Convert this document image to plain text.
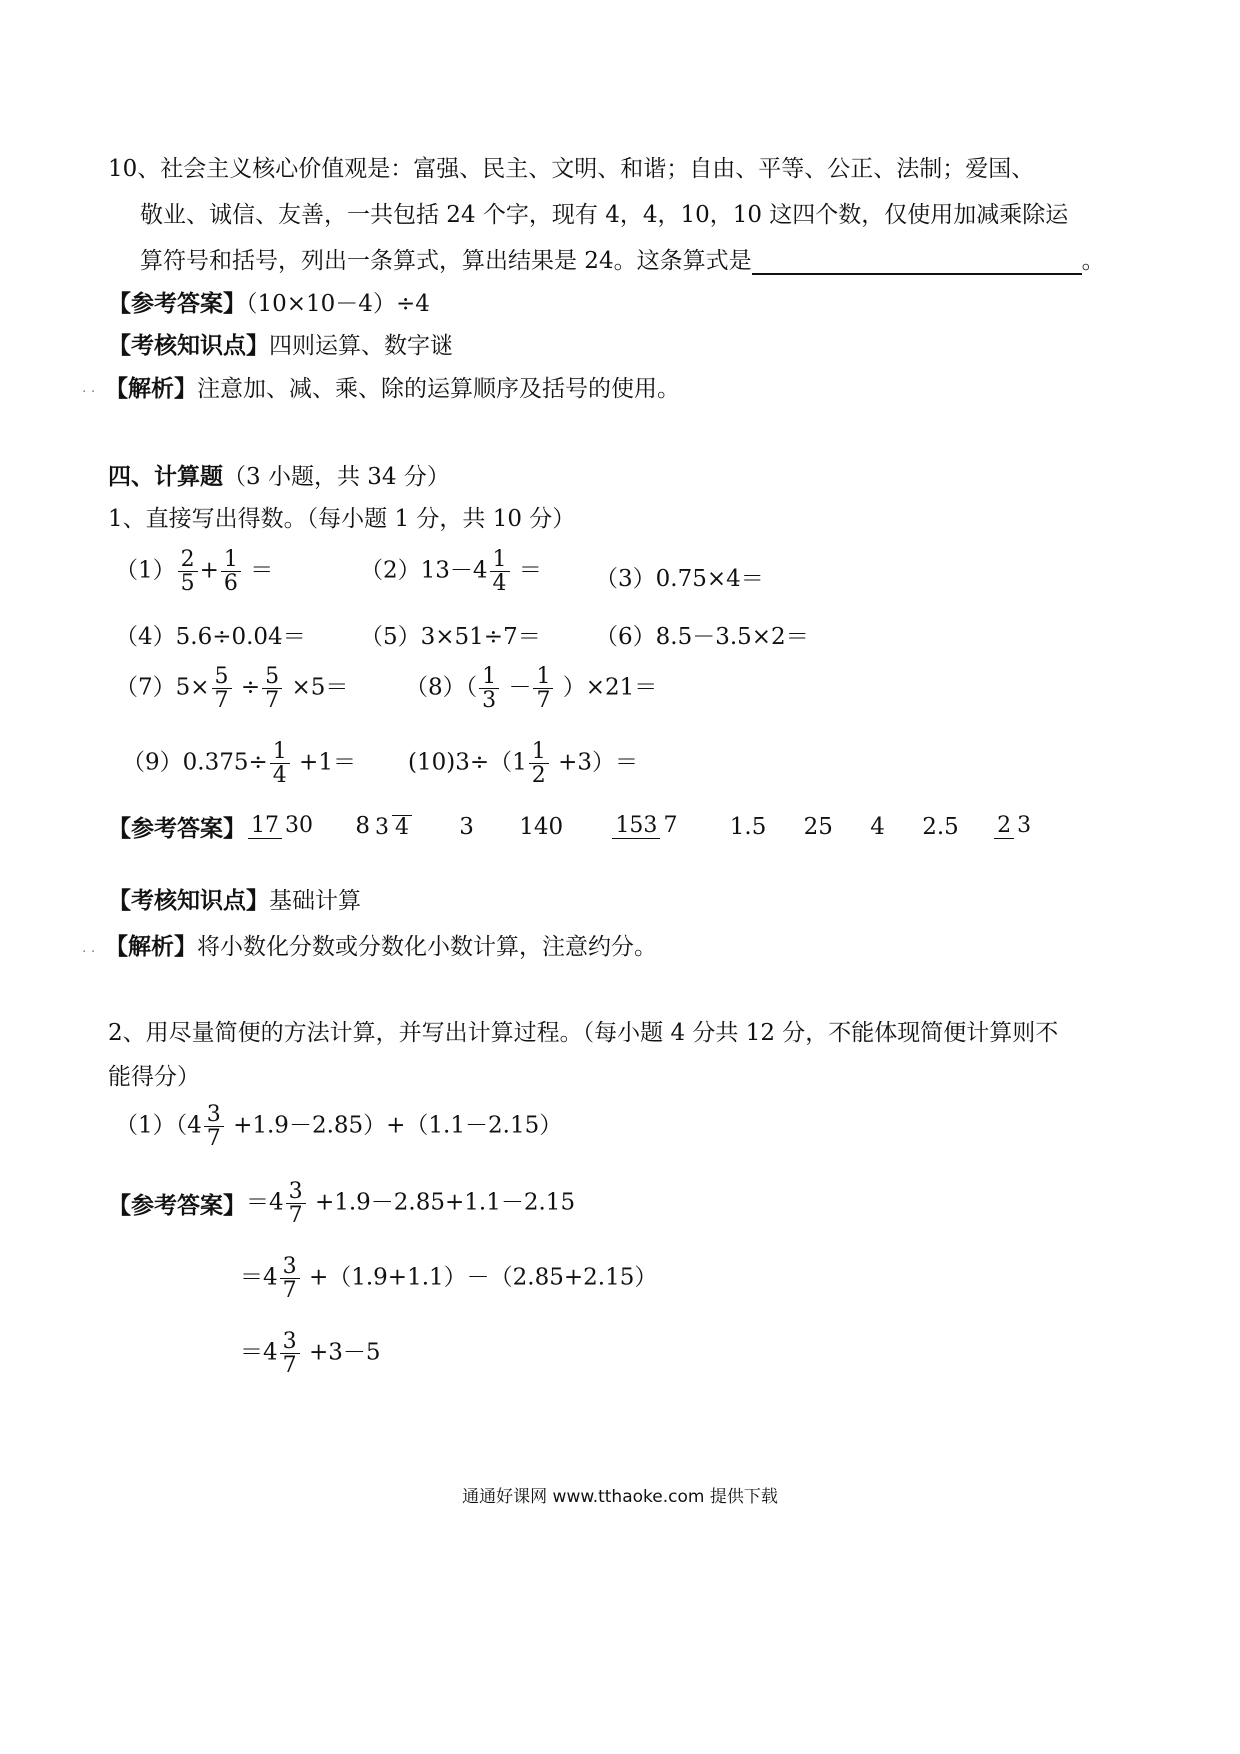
10、社会主义核心价值观是：富强、民主、文明、和谐；自由、平等、公正、法制；爱国、
敬业、诚信、友善，一共包括 24 个字，现有 4，4，10，10 这四个数，仅使用加减乘除运
算符号和括号，列出一条算式，算出结果是 24。这条算式是	。
【参考答案】（10×10－4）÷4
【考核知识点】四则运算、数字谜
. . 【解析】注意加、减、乘、除的运算顺序及括号的使用。
四、计算题（3 小题，共 34 分）
1、直接写出得数。（每小题 1 分，共 10 分）
$(1) \frac{2}{5} + \frac{1}{6}$ ＝	$(2)13-4 \frac{1}{4} = (3)0.75\times 4=$
（4）5.6÷0.04＝ （5）3×51÷7＝ （6）8.5－3.5×2＝
$(7)5\times \frac{5}{7} \div \frac{5}{7} \times 5= (8)( \frac{1}{3} - \frac{1}{7} )\times 21=$
$(9)0.375\div \frac{1}{4} +1= (10)3\div(1 \frac{1}{2} +3)=$
【参考答案】 17 30 8 3 4 3 140 153 7 1.5 25 4 2.5 2 3
【考核知识点】基础计算
. . 【解析】将小数化分数或分数化小数计算，注意约分。
2、用尽量简便的方法计算，并写出计算过程。（每小题 4 分共 12 分，不能体现简便计算则不
能得分）
$(1)(4 \frac{3}{7} +1.9-2.85)+(1.1-2.15)$
【参考答案】$=4 \frac{3}{7} +1.9-2.85+1.1-2.15$
$=4 \frac{3}{7} +(1.9+1.1)-(2.85+2.15)$
$=4 \frac{3}{7} +3-5$
通通好课网 www.tthaoke.com 提供下载
